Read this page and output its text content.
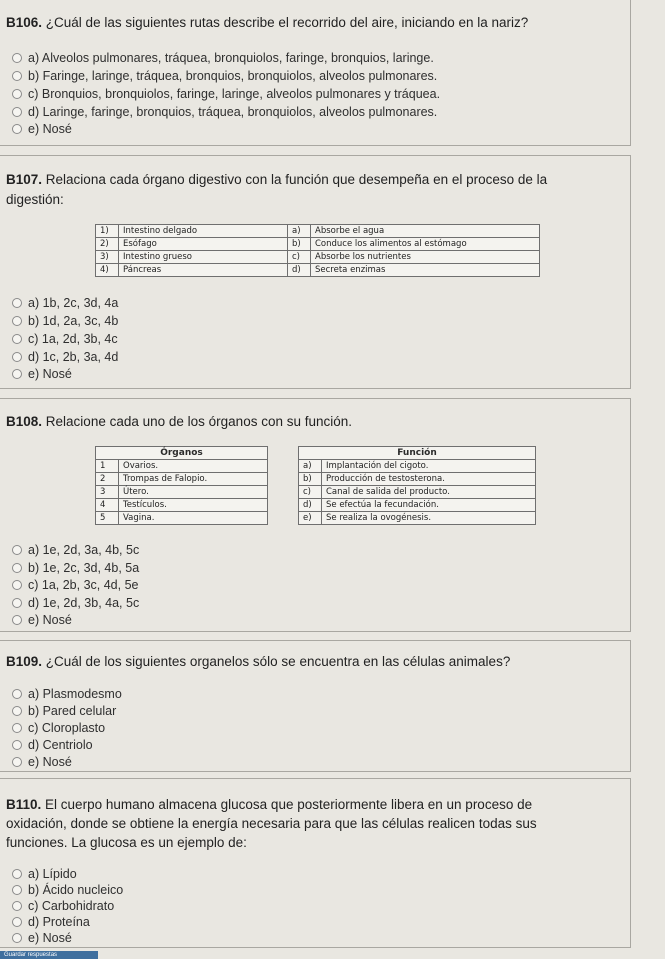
B106. ¿Cuál de las siguientes rutas describe el recorrido del aire, iniciando en la nariz?
a) Alveolos pulmonares, tráquea, bronquiolos, faringe, bronquios, laringe.
b) Faringe, laringe, tráquea, bronquios, bronquiolos, alveolos pulmonares.
c) Bronquios, bronquiolos, faringe, laringe, alveolos pulmonares y tráquea.
d) Laringe, faringe, bronquios, tráquea, bronquiolos, alveolos pulmonares.
e) Nosé
B107. Relaciona cada órgano digestivo con la función que desempeña en el proceso de la
digestión:
1)	Intestino delgado	a)	Absorbe el agua
2)	Esófago	b)	Conduce los alimentos al estómago
3)	Intestino grueso	c)	Absorbe los nutrientes
4)	Páncreas	d)	Secreta enzimas
a) 1b, 2c, 3d, 4a
b) 1d, 2a, 3c, 4b
c) 1a, 2d, 3b, 4c
d) 1c, 2b, 3a, 4d
e) Nosé
B108. Relacione cada uno de los órganos con su función.
Órganos	
1	Ovarios.
2	Trompas de Falopio.
3	Útero.
4	Testículos.
5	Vagina.
Función	
a)	Implantación del cigoto.
b)	Producción de testosterona.
c)	Canal de salida del producto.
d)	Se efectúa la fecundación.
e)	Se realiza la ovogénesis.
a) 1e, 2d, 3a, 4b, 5c
b) 1e, 2c, 3d, 4b, 5a
c) 1a, 2b, 3c, 4d, 5e
d) 1e, 2d, 3b, 4a, 5c
e) Nosé
B109. ¿Cuál de los siguientes organelos sólo se encuentra en las células animales?
a) Plasmodesmo
b) Pared celular
c) Cloroplasto
d) Centriolo
e) Nosé
B110. El cuerpo humano almacena glucosa que posteriormente libera en un proceso de
oxidación, donde se obtiene la energía necesaria para que las células realicen todas sus
funciones. La glucosa es un ejemplo de:
a) Lípido
b) Ácido nucleico
c) Carbohidrato
d) Proteína
e) Nosé
Guardar respuestas
